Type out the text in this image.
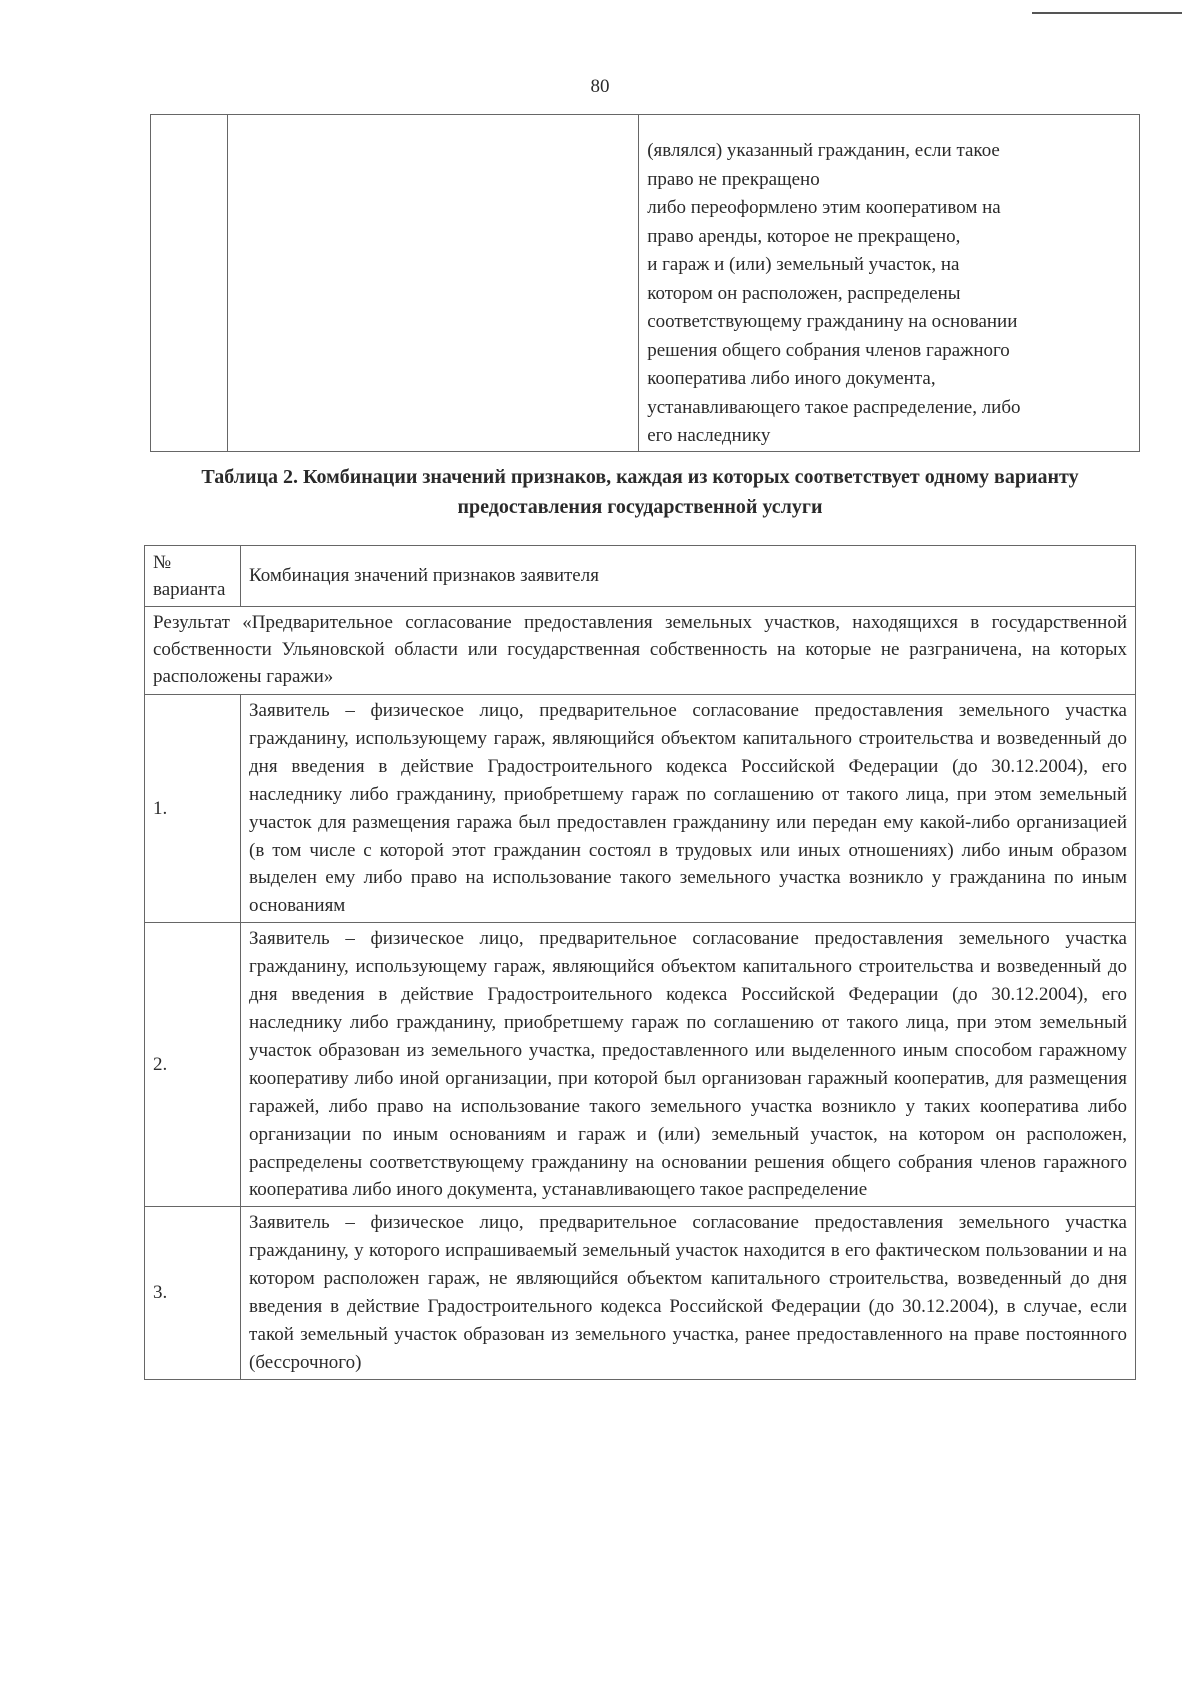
80

(являлся) указанный гражданин, если такое
право не прекращено
либо переоформлено этим кооперативом на
право аренды, которое не прекращено,
и гараж и (или) земельный участок, на
котором он расположен, распределены
соответствующему гражданину на основании
решения общего собрания членов гаражного
кооператива либо иного документа,
устанавливающего такое распределение, либо
его наследнику
Таблица 2. Комбинации значений признаков, каждая из которых соответствует одному варианту предоставления государственной услуги
№ варианта	Комбинация значений признаков заявителя
Результат «Предварительное согласование предоставления земельных участков, находящихся в государственной собственности Ульяновской области или государственная собственность на которые не разграничена, на которых расположены гаражи»	
1.	Заявитель – физическое лицо, предварительное согласование предоставления земельного участка гражданину, использующему гараж, являющийся объектом капитального строительства и возведенный до дня введения в действие Градостроительного кодекса Российской Федерации (до 30.12.2004), его наследнику либо гражданину, приобретшему гараж по соглашению от такого лица, при этом земельный участок для размещения гаража был предоставлен гражданину или передан ему какой-либо организацией (в том числе с которой этот гражданин состоял в трудовых или иных отношениях) либо иным образом выделен ему либо право на использование такого земельного участка возникло у гражданина по иным основаниям
2.	Заявитель – физическое лицо, предварительное согласование предоставления земельного участка гражданину, использующему гараж, являющийся объектом капитального строительства и возведенный до дня введения в действие Градостроительного кодекса Российской Федерации (до 30.12.2004), его наследнику либо гражданину, приобретшему гараж по соглашению от такого лица, при этом земельный участок образован из земельного участка, предоставленного или выделенного иным способом гаражному кооперативу либо иной организации, при которой был организован гаражный кооператив, для размещения гаражей, либо право на использование такого земельного участка возникло у таких кооператива либо организации по иным основаниям и гараж и (или) земельный участок, на котором он расположен, распределены соответствующему гражданину на основании решения общего собрания членов гаражного кооператива либо иного документа, устанавливающего такое распределение
3.	Заявитель – физическое лицо, предварительное согласование предоставления земельного участка гражданину, у которого испрашиваемый земельный участок находится в его фактическом пользовании и на котором расположен гараж, не являющийся объектом капитального строительства, возведенный до дня введения в действие Градостроительного кодекса Российской Федерации (до 30.12.2004), в случае, если такой земельный участок образован из земельного участка, ранее предоставленного на праве постоянного (бессрочного)
